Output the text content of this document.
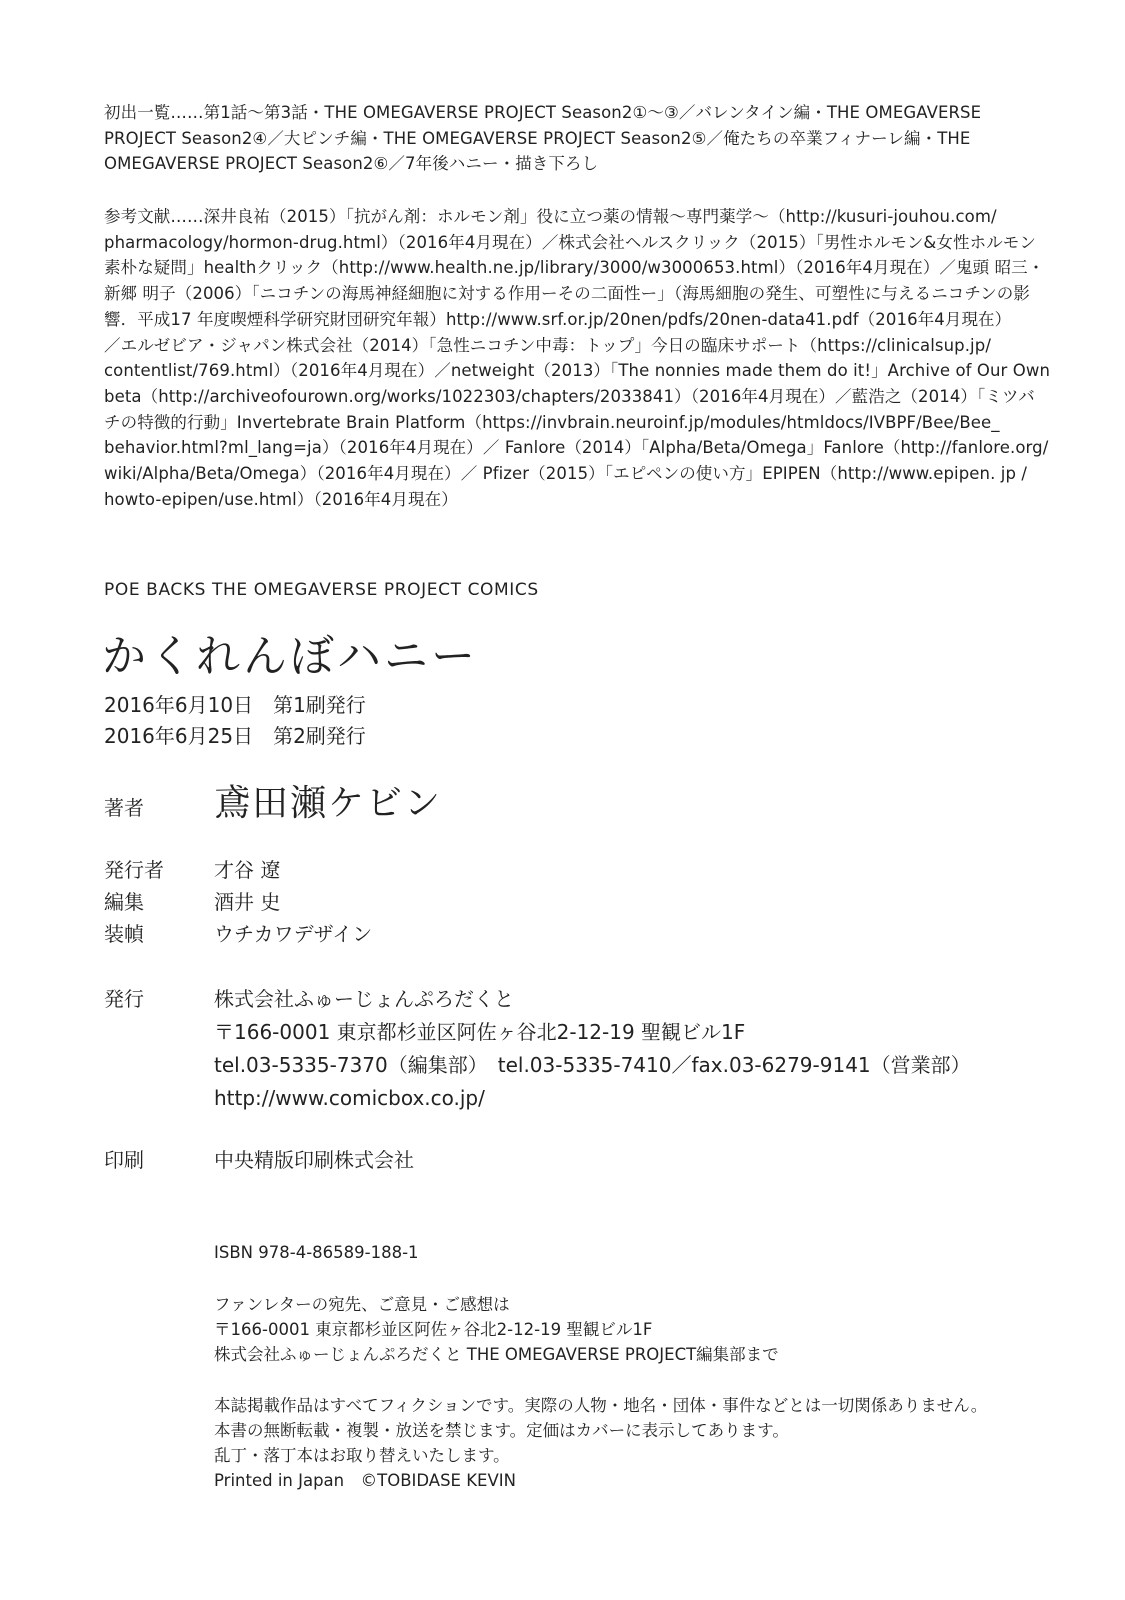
初出一覧……第1話〜第3話・THE OMEGAVERSE PROJECT Season2①〜③／バレンタイン編・THE OMEGAVERSE
PROJECT Season2④／大ピンチ編・THE OMEGAVERSE PROJECT Season2⑤／俺たちの卒業フィナーレ編・THE
OMEGAVERSE PROJECT Season2⑥／7年後ハニー・描き下ろし
参考文献……深井良祐（2015）「抗がん剤：ホルモン剤」役に立つ薬の情報〜専門薬学〜（http://kusuri-jouhou.com/
pharmacology/hormon-drug.html）（2016年4月現在）／株式会社ヘルスクリック（2015）「男性ホルモン&女性ホルモン
素朴な疑問」healthクリック（http://www.health.ne.jp/library/3000/w3000653.html）（2016年4月現在）／鬼頭 昭三・
新郷 明子（2006）「ニコチンの海馬神経細胞に対する作用ーその二面性ー」（海馬細胞の発生、可塑性に与えるニコチンの影
響．平成17 年度喫煙科学研究財団研究年報）http://www.srf.or.jp/20nen/pdfs/20nen-data41.pdf（2016年4月現在）
／エルゼビア・ジャパン株式会社（2014）「急性ニコチン中毒：トップ」今日の臨床サポート（https://clinicalsup.jp/
contentlist/769.html）（2016年4月現在）／netweight（2013）「The nonnies made them do it!」Archive of Our Own
beta（http://archiveofourown.org/works/1022303/chapters/2033841）（2016年4月現在）／藍浩之（2014）「ミツバ
チの特徴的行動」Invertebrate Brain Platform（https://invbrain.neuroinf.jp/modules/htmldocs/IVBPF/Bee/Bee_
behavior.html?ml_lang=ja）（2016年4月現在）／ Fanlore（2014）「Alpha/Beta/Omega」Fanlore（http://fanlore.org/
wiki/Alpha/Beta/Omega）（2016年4月現在）／ Pfizer（2015）「エピペンの使い方」EPIPEN（http://www.epipen. jp /
howto-epipen/use.html）（2016年4月現在）
POE BACKS THE OMEGAVERSE PROJECT COMICS
かくれんぼハニー
2016年6月10日　第1刷発行
2016年6月25日　第2刷発行
著者	鳶田瀬ケビン
発行者	才谷 遼
編集	酒井 史
装幀	ウチカワデザイン
発行	株式会社ふゅーじょんぷろだくと
〒166-0001 東京都杉並区阿佐ヶ谷北2-12-19 聖観ビル1F
tel.03-5335-7370（編集部）　tel.03-5335-7410／fax.03-6279-9141（営業部）
http://www.comicbox.co.jp/
印刷	中央精版印刷株式会社
ISBN 978-4-86589-188-1
ファンレターの宛先、ご意見・ご感想は
〒166-0001 東京都杉並区阿佐ヶ谷北2-12-19 聖観ビル1F
株式会社ふゅーじょんぷろだくと THE OMEGAVERSE PROJECT編集部まで
本誌掲載作品はすべてフィクションです。実際の人物・地名・団体・事件などとは一切関係ありません。
本書の無断転載・複製・放送を禁じます。定価はカバーに表示してあります。
乱丁・落丁本はお取り替えいたします。
Printed in Japan　©TOBIDASE KEVIN
